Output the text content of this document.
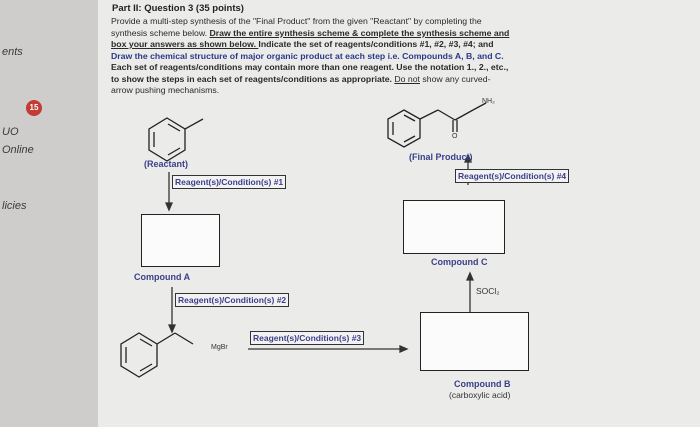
ents
15
UO
Online
licies
Part II: Question 3 (35 points)
Provide a multi-step synthesis of the "Final Product" from the given "Reactant" by completing the
synthesis scheme below. Draw the entire synthesis scheme & complete the synthesis scheme and
box your answers as shown below. Indicate the set of reagents/conditions #1, #2, #3, #4; and
Draw the chemical structure of major organic product at each step i.e. Compounds A, B, and C.
Each set of reagents/conditions may contain more than one reagent. Use the notation 1., 2., etc.,
to show the steps in each set of reagents/conditions as appropriate. Do not show any curved-
arrow pushing mechanisms.
NH₂
O
(Reactant)
(Final Product)
Reagent(s)/Condition(s) #1
Reagent(s)/Condition(s) #4
Compound A
Compound C
SOCl₂
Reagent(s)/Condition(s) #2
Reagent(s)/Condition(s) #3
MgBr
Compound B
(carboxylic acid)
